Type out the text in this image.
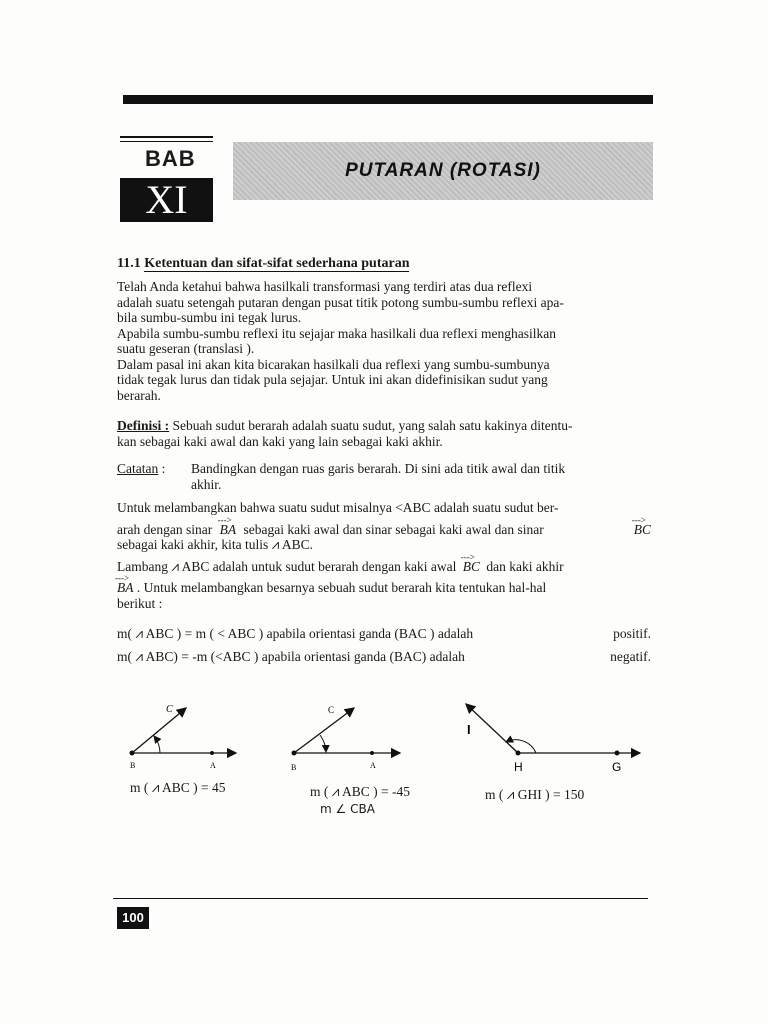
BAB
XI
PUTARAN (ROTASI)
11.1 Ketentuan dan sifat-sifat sederhana putaran
Telah Anda ketahui bahwa hasilkali transformasi yang terdiri atas dua reflexi
adalah suatu setengah putaran dengan pusat titik potong sumbu-sumbu reflexi apa-
bila sumbu-sumbu ini tegak lurus.
Apabila sumbu-sumbu reflexi itu sejajar maka hasilkali dua reflexi menghasilkan
suatu geseran (translasi ).
Dalam pasal ini akan kita bicarakan hasilkali dua reflexi yang sumbu-sumbunya
tidak tegak lurus dan tidak pula sejajar. Untuk ini akan didefinisikan sudut yang
berarah.
Definisi : Sebuah sudut berarah adalah suatu sudut, yang salah satu kakinya ditentu-
kan sebagai kaki awal dan kaki yang lain sebagai kaki akhir.
Catatan :	Bandingkan dengan ruas garis berarah. Di sini ada titik awal dan titik
akhir.
Untuk melambangkan bahwa suatu sudut misalnya <ABC adalah suatu sudut ber-
arah dengan sinar
--->
BA sebagai kaki awal dan sinar sebagai kaki awal dan sinar
--->
BC
sebagai kaki akhir, kita tulis ⩘ ABC.
Lambang ⩘ ABC adalah untuk sudut berarah dengan kaki awal
--->
BC dan kaki akhir
--->
BA . Untuk melambangkan besarnya sebuah sudut berarah kita tentukan hal-hal
berikut :
m( ⩘ ABC ) = m ( < ABC ) apabila orientasi ganda (BAC ) adalah	positif.
m( ⩘ ABC) = -m (<ABC ) apabila orientasi ganda (BAC) adalah	negatif.
B	A
C
B	A
C
H	G
I
m ( ⩘ ABC ) = 45	m ( ⩘ ABC ) = -45
m ∠ CBA
m ( ⩘ GHI ) = 150
100
